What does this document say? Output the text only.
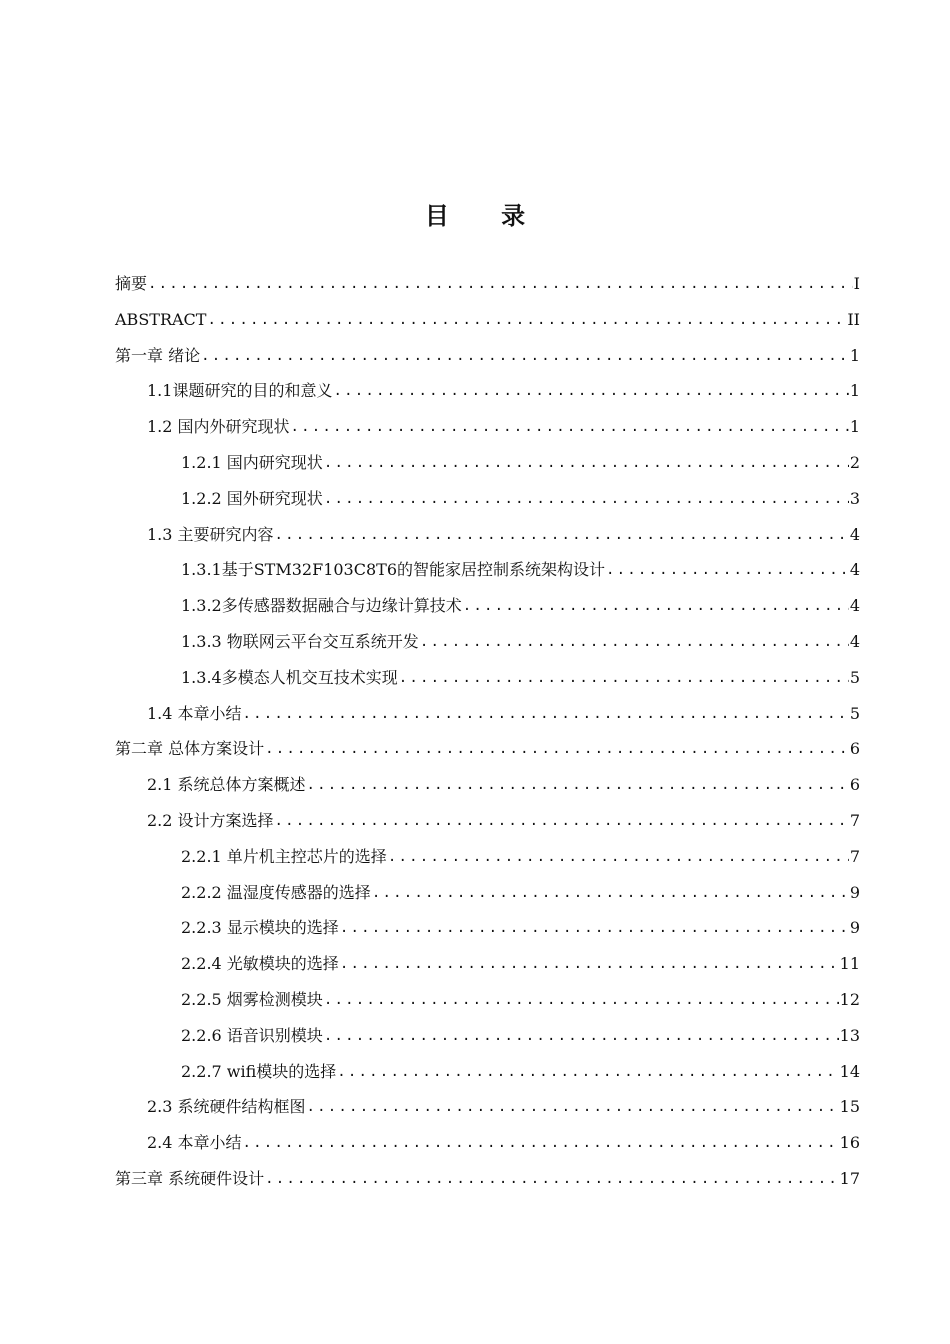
目 录
摘要 .....	I
ABSTRACT .....	II
第一章 绪论 .....	1
1.1课题研究的目的和意义 .....	1
1.2 国内外研究现状 .....	1
1.2.1 国内研究现状 .....	2
1.2.2 国外研究现状 .....	3
1.3 主要研究内容 .....	4
1.3.1基于STM32F103C8T6的智能家居控制系统架构设计 .....	4
1.3.2多传感器数据融合与边缘计算技术 .....	4
1.3.3 物联网云平台交互系统开发 .....	4
1.3.4多模态人机交互技术实现 .....	5
1.4 本章小结 .....	5
第二章 总体方案设计 .....	6
2.1 系统总体方案概述 .....	6
2.2 设计方案选择 .....	7
2.2.1 单片机主控芯片的选择 .....	7
2.2.2 温湿度传感器的选择 .....	9
2.2.3 显示模块的选择 .....	9
2.2.4 光敏模块的选择 .....	11
2.2.5 烟雾检测模块 .....	12
2.2.6 语音识别模块 .....	13
2.2.7 wifi模块的选择 .....	14
2.3 系统硬件结构框图 .....	15
2.4 本章小结 .....	16
第三章 系统硬件设计 .....	17
